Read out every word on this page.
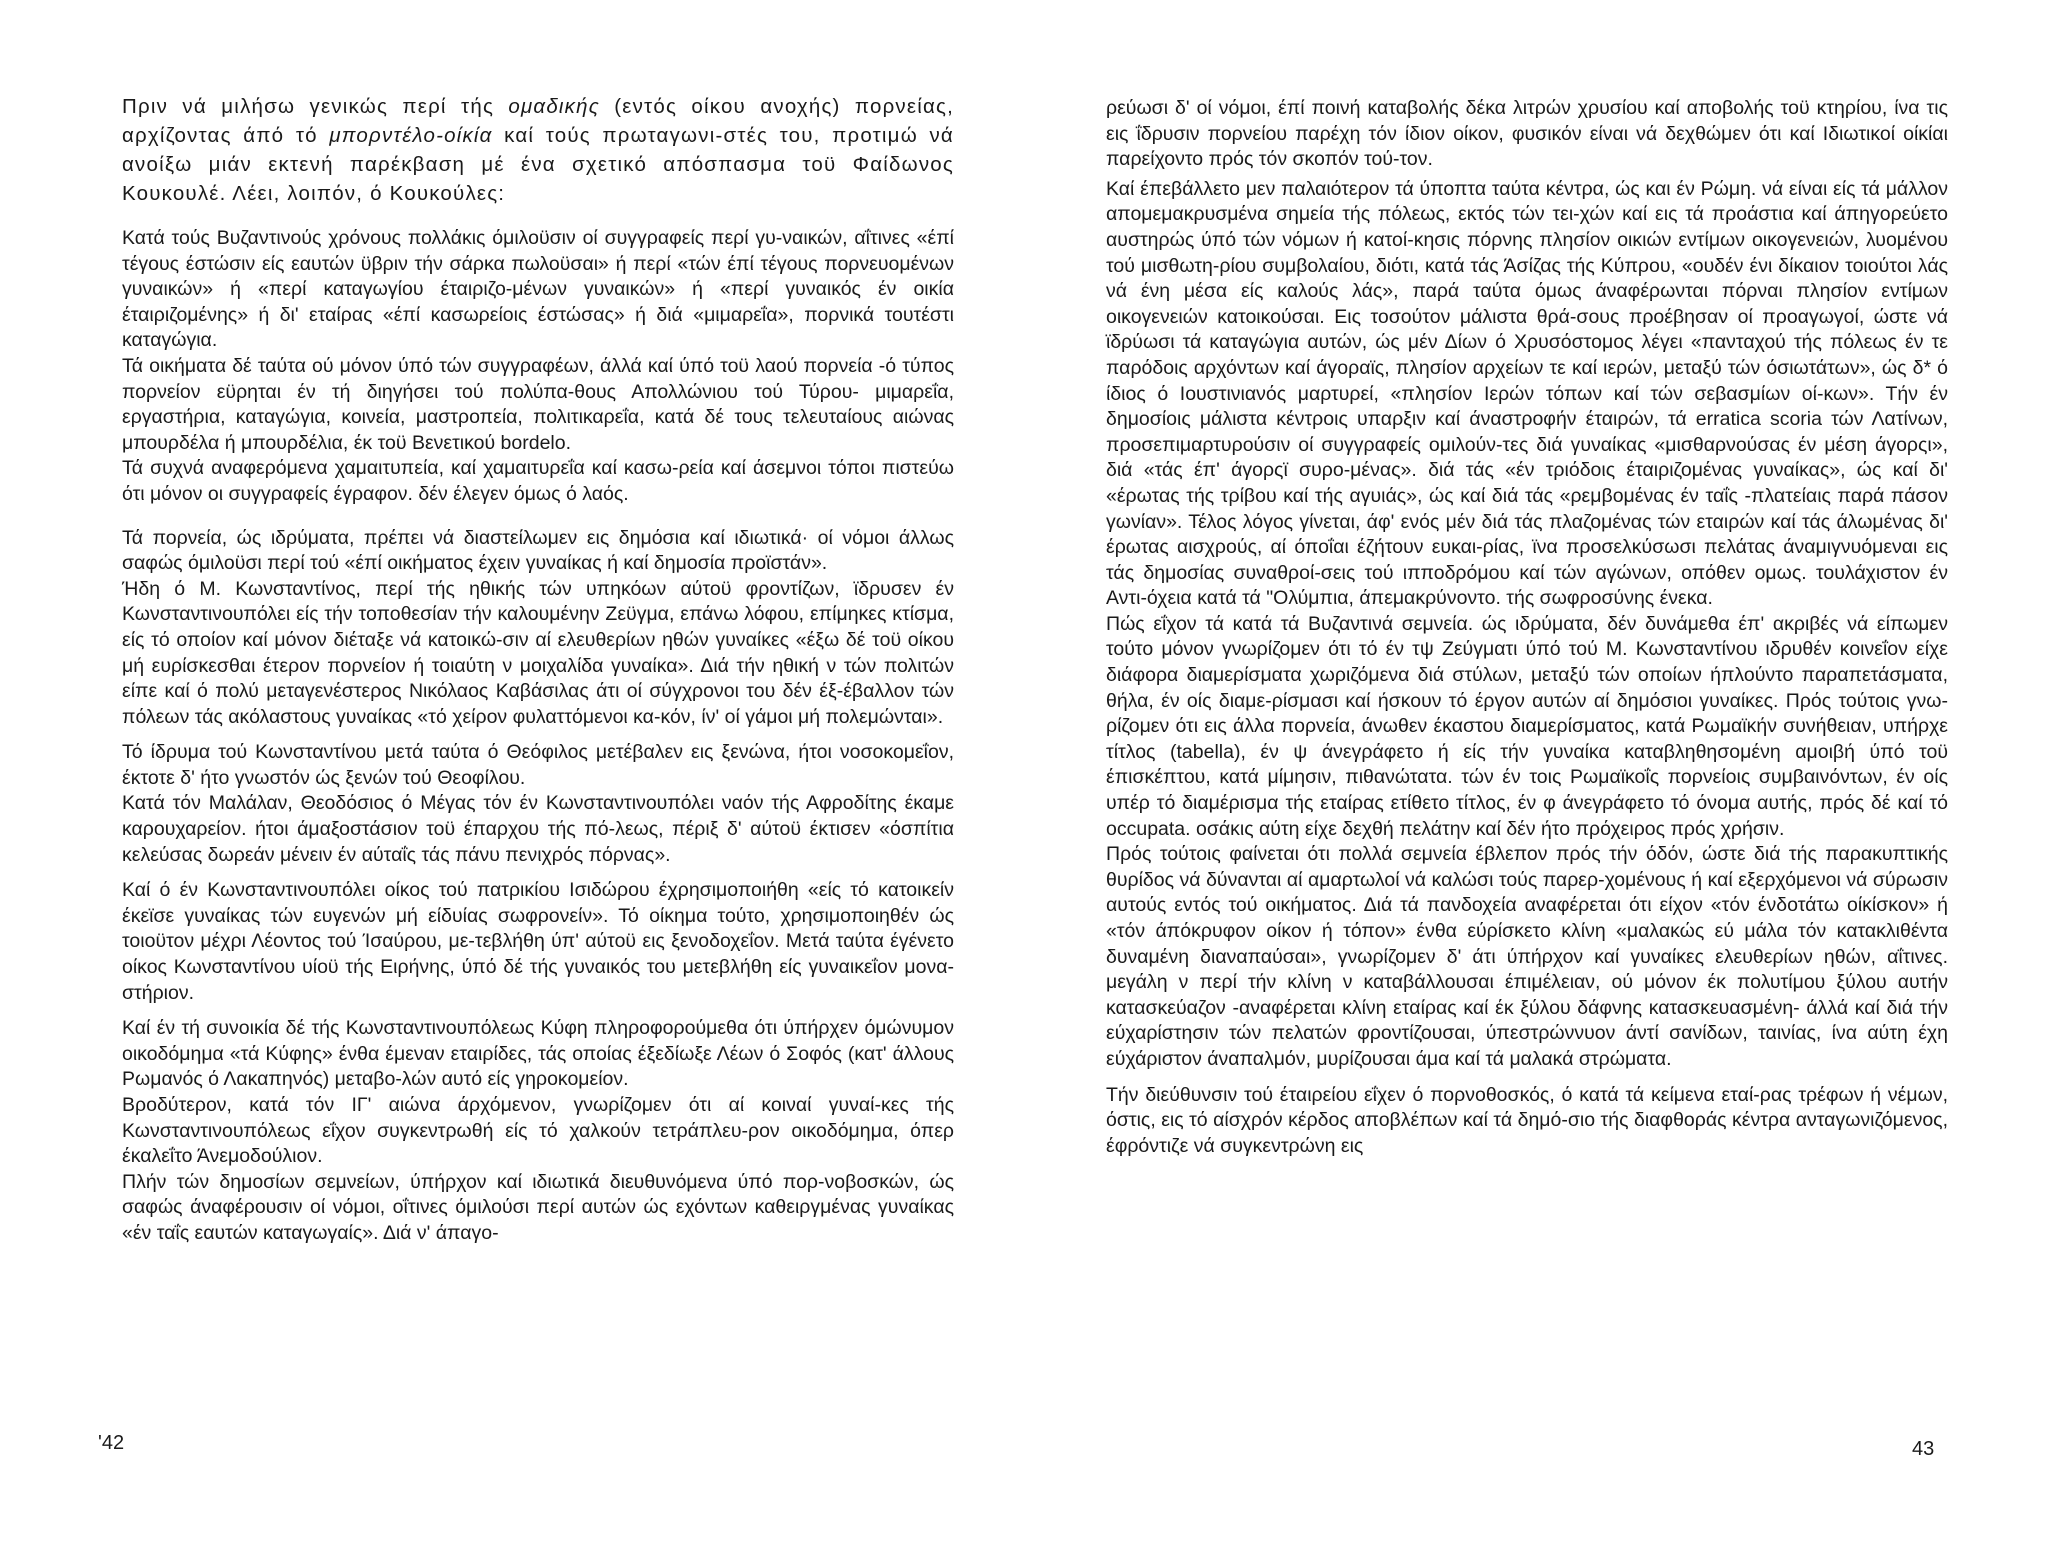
Πριν νά μιλήσω γενικώς περί τής ομαδικής (εντός οίκου ανοχής) πορνείας, αρχίζοντας άπό τό μπορντέλο-οίκία καί τούς πρωταγωνι-στές του, προτιμώ νά ανοίξω μιάν εκτενή παρέκβαση μέ ένα σχετικό απόσπασμα τοϋ Φαίδωνος Κουκουλέ. Λέει, λοιπόν, ό Κουκούλες:

Κατά τούς Βυζαντινούς χρόνους πολλάκις όμιλοϋσιν οί συγγραφείς περί γυ-ναικών, αΐτινες «έπί τέγους έστώσιν είς εαυτών ϋβριν τήν σάρκα πωλοϋσαι» ή περί «τών έπί τέγους πορνευομένων γυναικών» ή «περί καταγωγίου έταιριζο-μένων γυναικών» ή «περί γυναικός έν οικία έταιριζομένης» ή δι' εταίρας «έπί κασωρείοις έστώσας» ή διά «μιμαρεΐα», πορνικά τουτέστι καταγώγια.

Τά οικήματα δέ ταύτα ού μόνον ύπό τών συγγραφέων, άλλά καί ύπό τοϋ λαού πορνεία -ό τύπος πορνείον εϋρηται έν τή διηγήσει τού πολύπα-θους Απολλώνιου τού Τύρου- μιμαρεΐα, εργαστήρια, καταγώγια, κοινεία, μαστροπεία, πολιτικαρεΐα, κατά δέ τους τελευταίους αιώνας μπουρδέλα ή μπουρδέλια, έκ τοϋ Βενετικού bordelo.

Τά συχνά αναφερόμενα χαμαιτυπεία, καί χαμαιτυρεΐα καί κασω-ρεία καί άσεμνοι τόποι πιστεύω ότι μόνον οι συγγραφείς έγραφον. δέν έλεγεν όμως ό λαός.

Τά πορνεία, ώς ιδρύματα, πρέπει νά διαστείλωμεν εις δημόσια καί ιδιωτικά· οί νόμοι άλλως σαφώς όμιλοϋσι περί τού «έπί οικήματος έχειν γυναίκας ή καί δημοσία προϊστάν».

Ήδη ό Μ. Κωνσταντίνος, περί τής ηθικής τών υπηκόων αύτοϋ φροντίζων, ϊδρυσεν έν Κωνσταντινουπόλει είς τήν τοποθεσίαν τήν καλουμένην Ζεϋγμα, επάνω λόφου, επίμηκες κτίσμα, είς τό οποίον καί μόνον διέταξε νά κατοικώ-σιν αί ελευθερίων ηθών γυναίκες «έξω δέ τοϋ οίκου μή ευρίσκεσθαι έτερον πορνείον ή τοιαύτη ν μοιχαλίδα γυναίκα». Διά τήν ηθική ν τών πολιτών είπε καί ό πολύ μεταγενέστερος Νικόλαος Καβάσιλας άτι οί σύγχρονοι του δέν έξ-έβαλλον τών πόλεων τάς ακόλαστους γυναίκας «τό χείρον φυλαττόμενοι κα-κόν, ίν' οί γάμοι μή πολεμώνται».

Τό ίδρυμα τού Κωνσταντίνου μετά ταύτα ό Θεόφιλος μετέβαλεν εις ξενώνα, ήτοι νοσοκομεΐον, έκτοτε δ' ήτο γνωστόν ώς ξενών τού Θεοφίλου.

Κατά τόν Μαλάλαν, Θεοδόσιος ό Μέγας τόν έν Κωνσταντινουπόλει ναόν τής Αφροδίτης έκαμε καρουχαρείον. ήτοι άμαξοστάσιον τοϋ έπαρχου τής πό-λεως, πέριξ δ' αύτοϋ έκτισεν «όσπίτια κελεύσας δωρεάν μένειν έν αύταΐς τάς πάνυ πενιχρός πόρνας».

Καί ό έν Κωνσταντινουπόλει οίκος τού πατρικίου Ισιδώρου έχρησιμοποιήθη «είς τό κατοικείν έκεϊσε γυναίκας τών ευγενών μή είδυίας σωφρονείν». Τό οίκημα τούτο, χρησιμοποιηθέν ώς τοιοϋτον μέχρι Λέοντος τού Ίσαύρου, με-τεβλήθη ύπ' αύτοϋ εις ξενοδοχεΐον. Μετά ταύτα έγένετο οίκος Κωνσταντίνου υίοϋ τής Ειρήνης, ύπό δέ τής γυναικός του μετεβλήθη είς γυναικεΐον μονα-στήριον.

Καί έν τή συνοικία δέ τής Κωνσταντινουπόλεως Κύφη πληροφορούμεθα ότι ύπήρχεν όμώνυμον οικοδόμημα «τά Κύφης» ένθα έμεναν εταιρίδες, τάς οποίας έξεδίωξε Λέων ό Σοφός (κατ' άλλους Ρωμανός ό Λακαπηνός) μεταβο-λών αυτό είς γηροκομείον.

Βροδύτερον, κατά τόν ΙΓ' αιώνα άρχόμενον, γνωρίζομεν ότι αί κοιναί γυναί-κες τής Κωνσταντινουπόλεως εΐχον συγκεντρωθή είς τό χαλκούν τετράπλευ-ρον οικοδόμημα, όπερ έκαλεΐτο Άνεμοδούλιον.

Πλήν τών δημοσίων σεμνείων, ύπήρχον καί ιδιωτικά διευθυνόμενα ύπό πορ-νοβοσκών, ώς σαφώς άναφέρουσιν οί νόμοι, οΐτινες όμιλούσι περί αυτών ώς εχόντων καθειργμένας γυναίκας «έν ταΐς εαυτών καταγωγαίς». Διά ν' άπαγο-

'42

ρεύωσι δ' οί νόμοι, έπί ποινή καταβολής δέκα λιτρών χρυσίου καί αποβολής τοϋ κτηρίου, ίνα τις εις ΐδρυσιν πορνείου παρέχη τόν ίδιον οίκον, φυσικόν είναι νά δεχθώμεν ότι καί Ιδιωτικοί οίκίαι παρείχοντο πρός τόν σκοπόν τού-τον.

Καί έπεβάλλετο μεν παλαιότερον τά ύποπτα ταύτα κέντρα, ώς και έν Ρώμη. νά είναι είς τά μάλλον απομεμακρυσμένα σημεία τής πόλεως, εκτός τών τει-χών καί εις τά προάστια καί άπηγορεύετο αυστηρώς ύπό τών νόμων ή κατοί-κησις πόρνης πλησίον οικιών εντίμων οικογενειών, λυομένου τού μισθωτη-ρίου συμβολαίου, διότι, κατά τάς Άσίζας τής Κύπρου, «ουδέν ένι δίκαιον τοιούτοι λάς νά ένη μέσα είς καλούς λάς», παρά ταύτα όμως άναφέρωνται πόρναι πλησίον εντίμων οικογενειών κατοικούσαι. Εις τοσούτον μάλιστα θρά-σους προέβησαν οί προαγωγοί, ώστε νά ϊδρύωσι τά καταγώγια αυτών, ώς μέν Δίων ό Χρυσόστομος λέγει «πανταχού τής πόλεως έν τε παρόδοις αρχόντων καί άγοραϊς, πλησίον αρχείων τε καί ιερών, μεταξύ τών όσιωτάτων», ώς δ* ό ίδιος ό Ιουστινιανός μαρτυρεί, «πλησίον Ιερών τόπων καί τών σεβασμίων οί-κων». Τήν έν δημοσίοις μάλιστα κέντροις υπαρξιν καί άναστροφήν έταιρών, τά erratica scoria τών Λατίνων, προσεπιμαρτυρούσιν οί συγγραφείς ομιλούν-τες διά γυναίκας «μισθαρνούσας έν μέση άγορςι», διά «τάς έπ' άγορςϊ συρο-μένας». διά τάς «έν τριόδοις έταιριζομένας γυναίκας», ώς καί δι' «έρωτας τής τρίβου καί τής αγυιάς», ώς καί διά τάς «ρεμβομένας έν ταΐς -πλατείαις παρά πάσον γωνίαν». Τέλος λόγος γίνεται, άφ' ενός μέν διά τάς πλαζομένας τών εταιρών καί τάς άλωμένας δι' έρωτας αισχρούς, αί όποΐαι έζήτουν ευκαι-ρίας, ϊνα προσελκύσωσι πελάτας άναμιγνυόμεναι εις τάς δημοσίας συναθροί-σεις τού ιπποδρόμου καί τών αγώνων, οπόθεν ομως. τουλάχιστον έν Αντι-όχεια κατά τά "Ολύμπια, άπεμακρύνοντο. τής σωφροσύνης ένεκα.

Πώς εΐχον τά κατά τά Βυζαντινά σεμνεία. ώς ιδρύματα, δέν δυνάμεθα έπ' ακριβές νά είπωμεν τούτο μόνον γνωρίζομεν ότι τό έν τψ Ζεύγματι ύπό τού Μ. Κωνσταντίνου ιδρυθέν κοινεΐον είχε διάφορα διαμερίσματα χωριζόμενα διά στύλων, μεταξύ τών οποίων ήπλούντο παραπετάσματα, θήλα, έν οίς διαμε-ρίσμασι καί ήσκουν τό έργον αυτών αί δημόσιοι γυναίκες. Πρός τούτοις γνω-ρίζομεν ότι εις άλλα πορνεία, άνωθεν έκαστου διαμερίσματος, κατά Ρωμαϊκήν συνήθειαν, υπήρχε τίτλος (tabella), έν ψ άνεγράφετο ή είς τήν γυναίκα καταβληθησομένη αμοιβή ύπό τοϋ έπισκέπτου, κατά μίμησιν, πιθανώτατα. τών έν τοις Ρωμαϊκοΐς πορνείοις συμβαινόντων, έν οίς υπέρ τό διαμέρισμα τής εταίρας ετίθετο τίτλος, έν φ άνεγράφετο τό όνομα αυτής, πρός δέ καί τό occupata. οσάκις αύτη είχε δεχθή πελάτην καί δέν ήτο πρόχειρος πρός χρήσιν.

Πρός τούτοις φαίνεται ότι πολλά σεμνεία έβλεπον πρός τήν όδόν, ώστε διά τής παρακυπτικής θυρίδος νά δύνανται αί αμαρτωλοί νά καλώσι τούς παρερ-χομένους ή καί εξερχόμενοι νά σύρωσιν αυτούς εντός τού οικήματος. Διά τά πανδοχεία αναφέρεται ότι είχον «τόν ένδοτάτω οίκίσκον» ή «τόν άπόκρυφον οίκον ή τόπον» ένθα εύρίσκετο κλίνη «μαλακώς εύ μάλα τόν κατακλιθέντα δυναμένη διαναπαύσαι», γνωρίζομεν δ' άτι ύπήρχον καί γυναίκες ελευθερίων ηθών, αΐτινες. μεγάλη ν περί τήν κλίνη ν καταβάλλουσαι έπιμέλειαν, ού μόνον έκ πολυτίμου ξύλου αυτήν κατασκεύαζον -αναφέρεται κλίνη εταίρας καί έκ ξύλου δάφνης κατασκευασμένη- άλλά καί διά τήν εύχαρίστησιν τών πελατών φροντίζουσαι, ύπεστρώννυον άντί σανίδων, ταινίας, ίνα αύτη έχη εύχάριστον άναπαλμόν, μυρίζουσαι άμα καί τά μαλακά στρώματα.

Τήν διεύθυνσιν τού έταιρείου εΐχεν ό πορνοθοσκός, ό κατά τά κείμενα εταί-ρας τρέφων ή νέμων, όστις, εις τό αίσχρόν κέρδος αποβλέπων καί τά δημό-σιο τής διαφθοράς κέντρα ανταγωνιζόμενος, έφρόντιζε νά συγκεντρώνη εις

43
